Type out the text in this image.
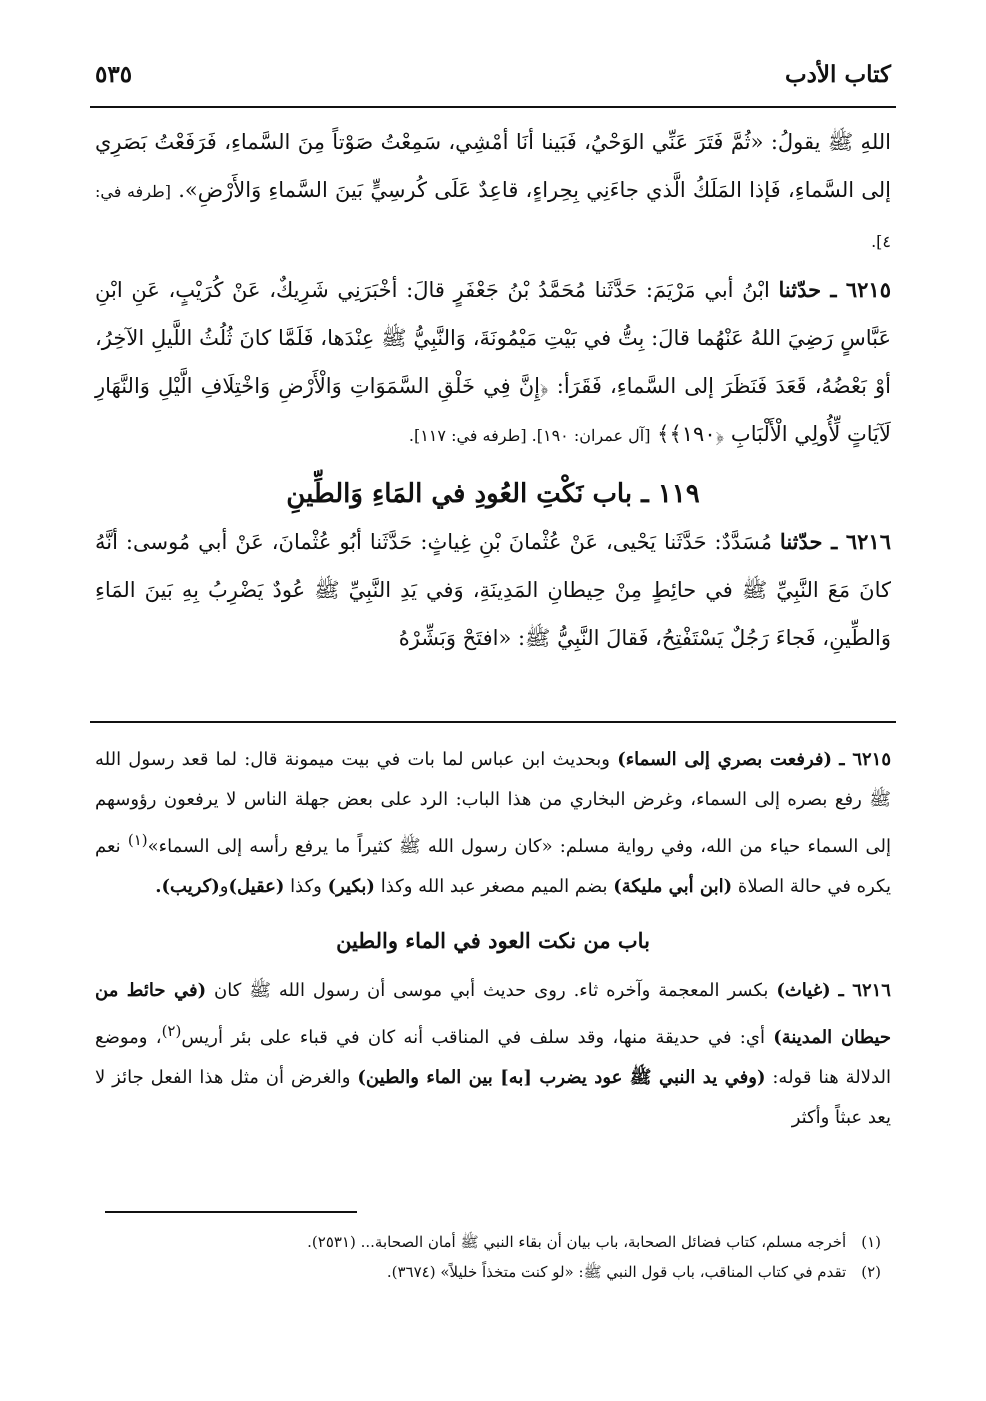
كتاب الأدب
٥٣٥

اللهِ ﷺ يقولُ: «ثُمَّ فَتَرَ عَنِّي الوَحْيُ، فَبَينا أنَا أمْشِي، سَمِعْتُ صَوْتاً مِنَ السَّماءِ، فَرَفَعْتُ بَصَرِي إلى السَّماءِ، فَإذا المَلَكُ الَّذي جاءَنِي بِحِراءٍ، قاعِدٌ عَلَى كُرسِيٍّ بَينَ السَّماءِ وَالأَرْضِ». [طرفه في: ٤].

٦٢١٥ ـ حدّثنا ابْنُ أبي مَرْيَمَ: حَدَّثَنا مُحَمَّدُ بْنُ جَعْفَرٍ قالَ: أخْبَرَنِي شَرِيكٌ، عَنْ كُرَيْبٍ، عَنِ ابْنِ عَبَّاسٍ رَضِيَ اللهُ عَنْهُما قالَ: بِتُّ في بَيْتِ مَيْمُونَةَ، وَالنَّبِيُّ ﷺ عِنْدَها، فَلَمَّا كانَ ثُلُثُ اللَّيلِ الآخِرُ، أوْ بَعْضُهُ، قَعَدَ فَنَظَرَ إلى السَّماءِ، فَقَرَأ: ﴿إِنَّ فِي خَلْقِ السَّمَوَاتِ وَالْأَرْضِ وَاخْتِلَافِ الَّيْلِ وَالنَّهَارِ لَآيَاتٍ لِّأُولِي الْأَلْبَابِ ﴿١٩٠﴾﴾ [آل عمران: ١٩٠]. [طرفه في: ١١٧].

١١٩ ـ باب نَكْتِ العُودِ في المَاءِ وَالطِّينِ

٦٢١٦ ـ حدّثنا مُسَدَّدٌ: حَدَّثَنا يَحْيى، عَنْ عُثْمانَ بْنِ غِياثٍ: حَدَّثَنا أبُو عُثْمانَ، عَنْ أبي مُوسى: أنَّهُ كانَ مَعَ النَّبِيِّ ﷺ في حائِطٍ مِنْ حِيطانِ المَدِينَةِ، وَفي يَدِ النَّبِيِّ ﷺ عُودٌ يَضْرِبُ بِهِ بَينَ المَاءِ وَالطِّينِ، فَجاءَ رَجُلٌ يَسْتَفْتِحُ، فَقالَ النَّبِيُّ ﷺ: «افتَحْ وَبَشِّرْهُ

٦٢١٥ ـ (فرفعت بصري إلى السماء) وبحديث ابن عباس لما بات في بيت ميمونة قال: لما قعد رسول الله ﷺ رفع بصره إلى السماء، وغرض البخاري من هذا الباب: الرد على بعض جهلة الناس لا يرفعون رؤوسهم إلى السماء حياء من الله، وفي رواية مسلم: «كان رسول الله ﷺ كثيراً ما يرفع رأسه إلى السماء»$^{(١)}$ نعم يكره في حالة الصلاة (ابن أبي مليكة) بضم الميم مصغر عبد الله وكذا (بكير) وكذا (عقيل)و(كريب).

باب من نكت العود في الماء والطين

٦٢١٦ ـ (غياث) بكسر المعجمة وآخره ثاء. روى حديث أبي موسى أن رسول الله ﷺ كان (في حائط من حيطان المدينة) أي: في حديقة منها، وقد سلف في المناقب أنه كان في قباء على بئر أريس$^{(٢)}$، وموضع الدلالة هنا قوله: (وفي يد النبي ﷺ عود يضرب [به] بين الماء والطين) والغرض أن مثل هذا الفعل جائز لا يعد عبثاً وأكثر

(١) أخرجه مسلم، كتاب فضائل الصحابة، باب بيان أن بقاء النبي ﷺ أمان الصحابة... (٢٥٣١).

(٢) تقدم في كتاب المناقب، باب قول النبي ﷺ: «لو كنت متخذاً خليلاً» (٣٦٧٤).
